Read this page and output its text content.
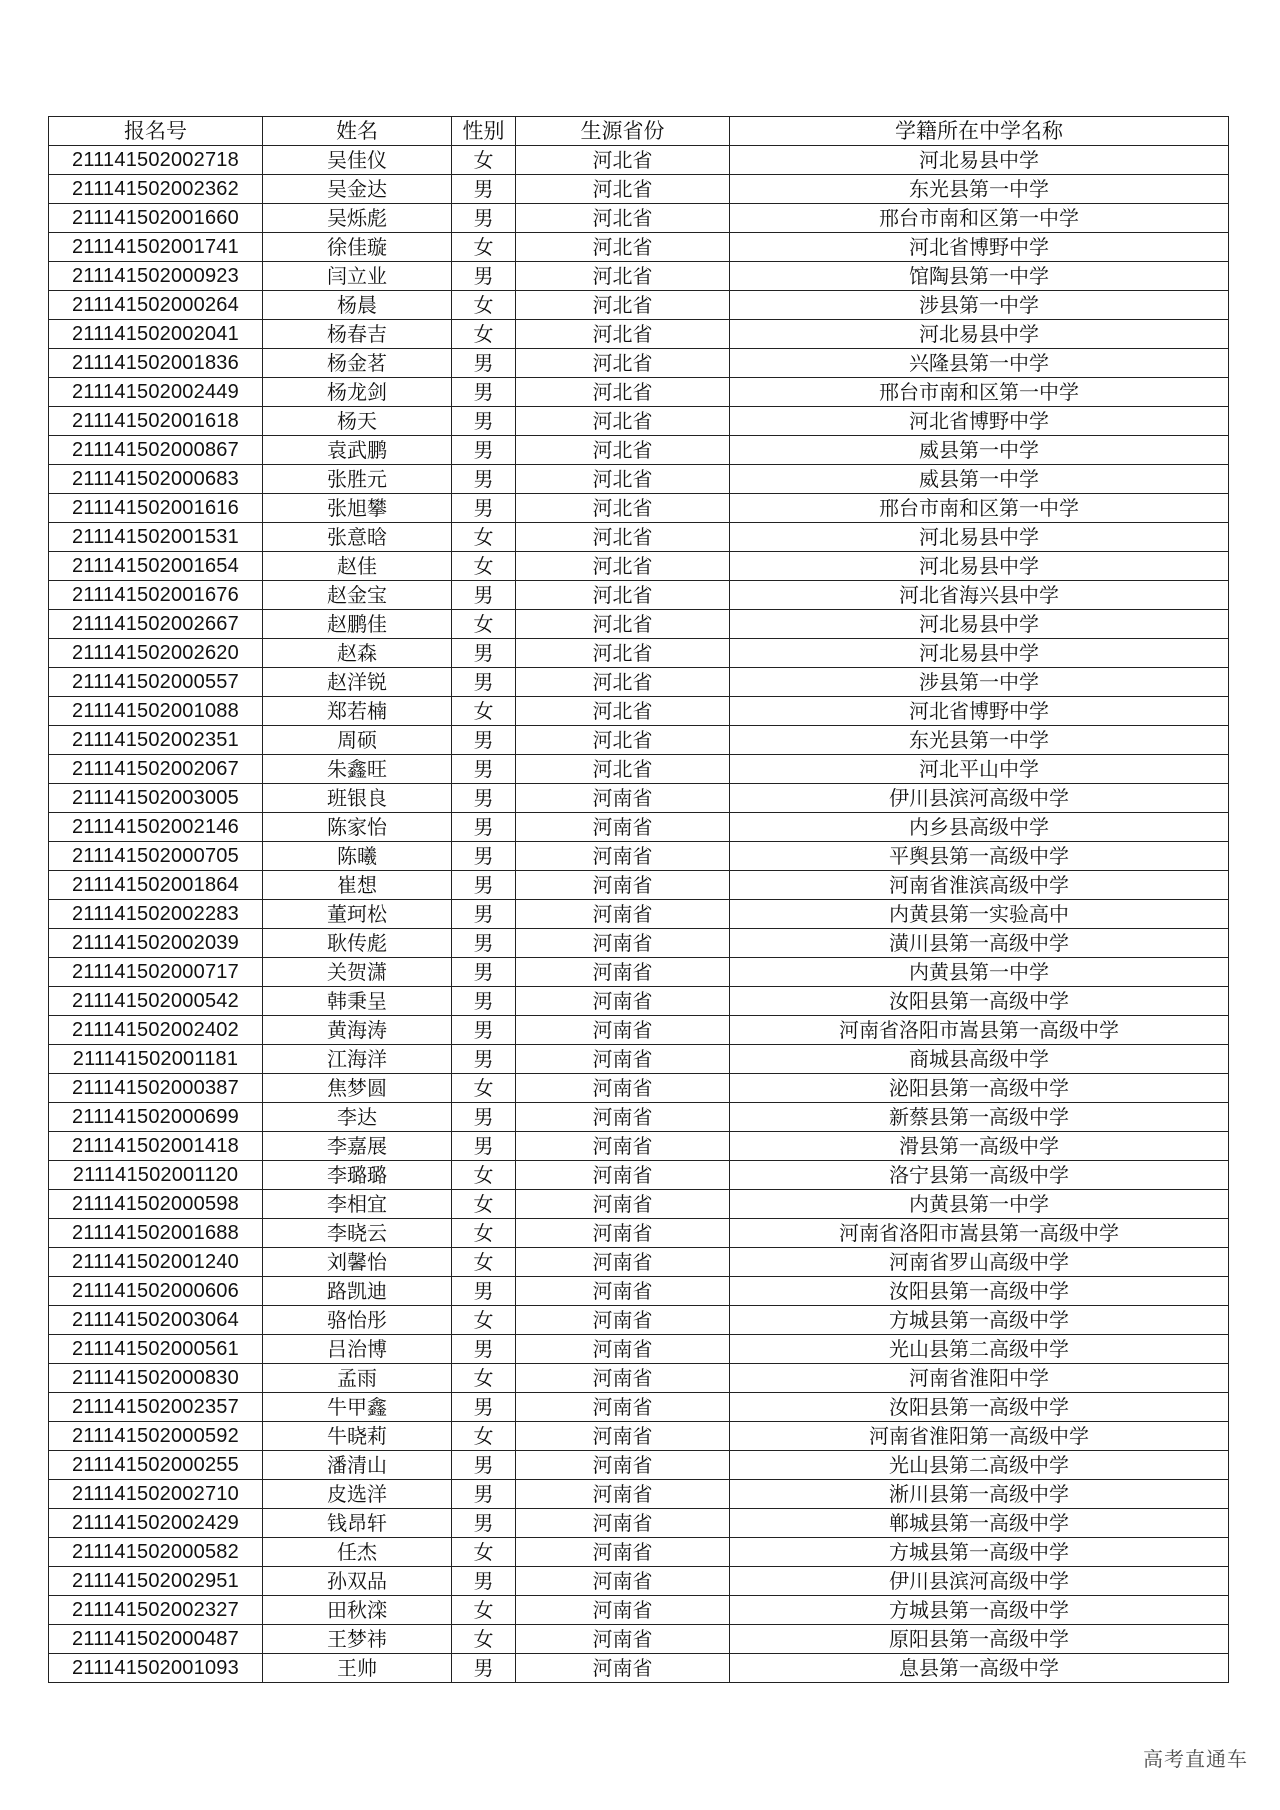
报名号	姓名	性别	生源省份	学籍所在中学名称
211141502002718	吴佳仪	女	河北省	河北易县中学
211141502002362	吴金达	男	河北省	东光县第一中学
211141502001660	吴烁彪	男	河北省	邢台市南和区第一中学
211141502001741	徐佳璇	女	河北省	河北省博野中学
211141502000923	闫立业	男	河北省	馆陶县第一中学
211141502000264	杨晨	女	河北省	涉县第一中学
211141502002041	杨春吉	女	河北省	河北易县中学
211141502001836	杨金茗	男	河北省	兴隆县第一中学
211141502002449	杨龙剑	男	河北省	邢台市南和区第一中学
211141502001618	杨天	男	河北省	河北省博野中学
211141502000867	袁武鹏	男	河北省	威县第一中学
211141502000683	张胜元	男	河北省	威县第一中学
211141502001616	张旭攀	男	河北省	邢台市南和区第一中学
211141502001531	张意晗	女	河北省	河北易县中学
211141502001654	赵佳	女	河北省	河北易县中学
211141502001676	赵金宝	男	河北省	河北省海兴县中学
211141502002667	赵鹏佳	女	河北省	河北易县中学
211141502002620	赵森	男	河北省	河北易县中学
211141502000557	赵洋锐	男	河北省	涉县第一中学
211141502001088	郑若楠	女	河北省	河北省博野中学
211141502002351	周硕	男	河北省	东光县第一中学
211141502002067	朱鑫旺	男	河北省	河北平山中学
211141502003005	班银良	男	河南省	伊川县滨河高级中学
211141502002146	陈家怡	男	河南省	内乡县高级中学
211141502000705	陈曦	男	河南省	平舆县第一高级中学
211141502001864	崔想	男	河南省	河南省淮滨高级中学
211141502002283	董珂松	男	河南省	内黄县第一实验高中
211141502002039	耿传彪	男	河南省	潢川县第一高级中学
211141502000717	关贺潇	男	河南省	内黄县第一中学
211141502000542	韩秉呈	男	河南省	汝阳县第一高级中学
211141502002402	黄海涛	男	河南省	河南省洛阳市嵩县第一高级中学
211141502001181	江海洋	男	河南省	商城县高级中学
211141502000387	焦梦圆	女	河南省	泌阳县第一高级中学
211141502000699	李达	男	河南省	新蔡县第一高级中学
211141502001418	李嘉展	男	河南省	滑县第一高级中学
211141502001120	李璐璐	女	河南省	洛宁县第一高级中学
211141502000598	李相宜	女	河南省	内黄县第一中学
211141502001688	李晓云	女	河南省	河南省洛阳市嵩县第一高级中学
211141502001240	刘馨怡	女	河南省	河南省罗山高级中学
211141502000606	路凯迪	男	河南省	汝阳县第一高级中学
211141502003064	骆怡彤	女	河南省	方城县第一高级中学
211141502000561	吕治博	男	河南省	光山县第二高级中学
211141502000830	孟雨	女	河南省	河南省淮阳中学
211141502002357	牛甲鑫	男	河南省	汝阳县第一高级中学
211141502000592	牛晓莉	女	河南省	河南省淮阳第一高级中学
211141502000255	潘清山	男	河南省	光山县第二高级中学
211141502002710	皮选洋	男	河南省	淅川县第一高级中学
211141502002429	钱昂轩	男	河南省	郸城县第一高级中学
211141502000582	任杰	女	河南省	方城县第一高级中学
211141502002951	孙双品	男	河南省	伊川县滨河高级中学
211141502002327	田秋滦	女	河南省	方城县第一高级中学
211141502000487	王梦祎	女	河南省	原阳县第一高级中学
211141502001093	王帅	男	河南省	息县第一高级中学
高考直通车
